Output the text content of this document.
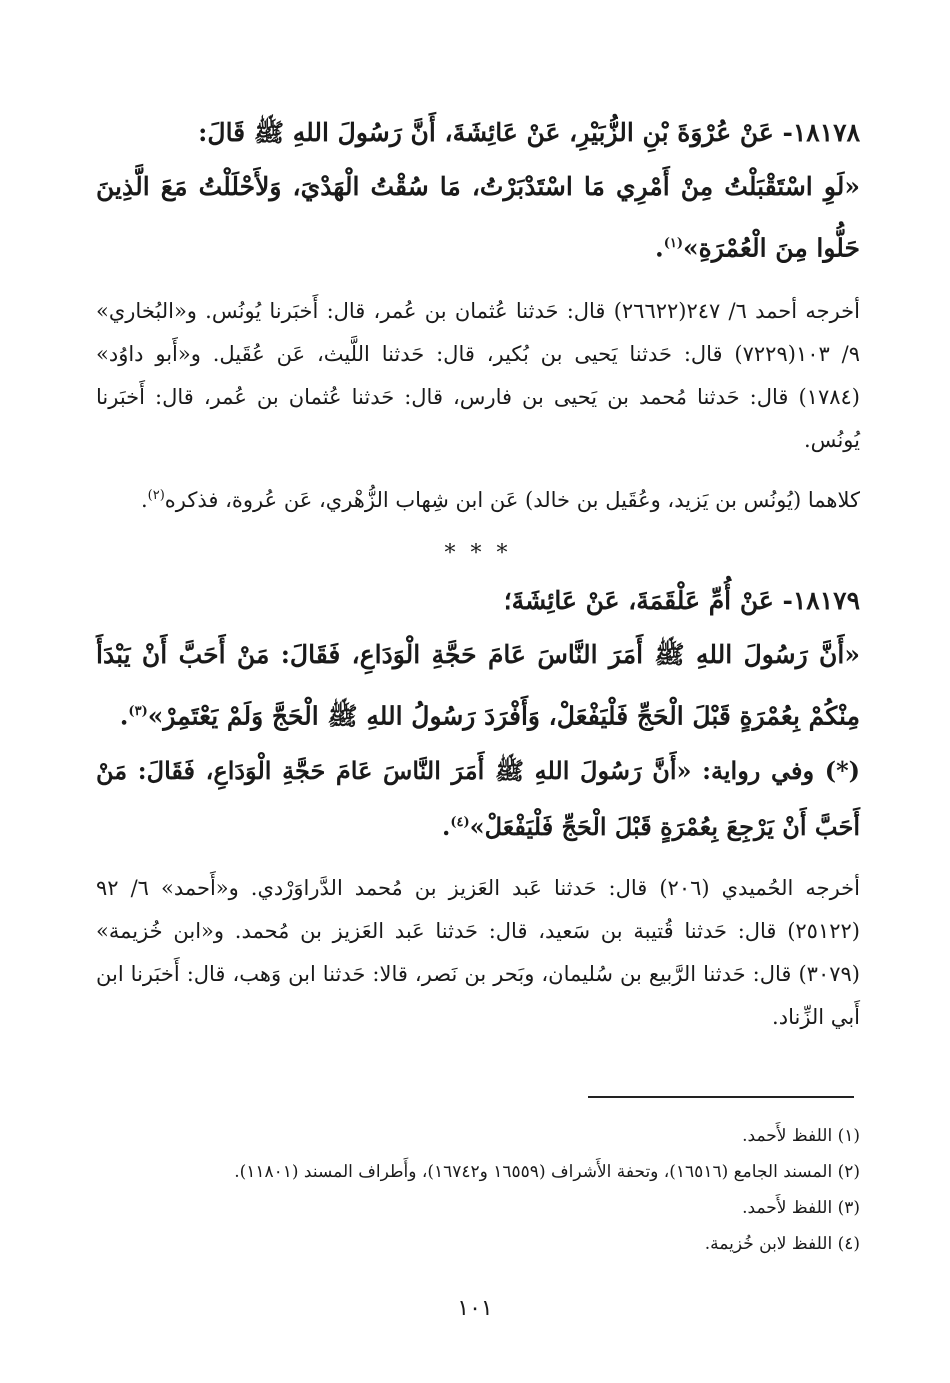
١٨١٧٨- عَنْ عُرْوَةَ بْنِ الزُّبَيْرِ، عَنْ عَائِشَةَ، أَنَّ رَسُولَ اللهِ ﷺ قَالَ:

«لَوِ اسْتَقْبَلْتُ مِنْ أَمْرِي مَا اسْتَدْبَرْتُ، مَا سُقْتُ الْهَدْيَ، وَلأَحْلَلْتُ مَعَ الَّذِينَ حَلُّوا مِنَ الْعُمْرَةِ»$^{(١)}$.

أخرجه أحمد ٦/ ٢٤٧(٢٦٦٢٢) قال: حَدثنا عُثمان بن عُمر، قال: أَخبَرنا يُونُس. و«البُخاري» ٩/ ١٠٣(٧٢٢٩) قال: حَدثنا يَحيى بن بُكير، قال: حَدثنا اللَّيث، عَن عُقَيل. و«أَبو داوُد» (١٧٨٤) قال: حَدثنا مُحمد بن يَحيى بن فارس، قال: حَدثنا عُثمان بن عُمر، قال: أَخبَرنا يُونُس.

كلاهما (يُونُس بن يَزيد، وعُقَيل بن خالد) عَن ابن شِهاب الزُّهْري، عَن عُروة، فذكره$^{(٢)}$.

* * *

١٨١٧٩- عَنْ أُمِّ عَلْقَمَةَ، عَنْ عَائِشَةَ؛

«أَنَّ رَسُولَ اللهِ ﷺ أَمَرَ النَّاسَ عَامَ حَجَّةِ الْوَدَاعِ، فَقَالَ: مَنْ أَحَبَّ أَنْ يَبْدَأَ مِنْكُمْ بِعُمْرَةٍ قَبْلَ الْحَجِّ فَلْيَفْعَلْ، وَأَفْرَدَ رَسُولُ اللهِ ﷺ الْحَجَّ وَلَمْ يَعْتَمِرْ»$^{(٣)}$.

(*) وفي رواية: «أَنَّ رَسُولَ اللهِ ﷺ أَمَرَ النَّاسَ عَامَ حَجَّةِ الْوَدَاعِ، فَقَالَ: مَنْ أَحَبَّ أَنْ يَرْجِعَ بِعُمْرَةٍ قَبْلَ الْحَجِّ فَلْيَفْعَلْ»$^{(٤)}$.

أخرجه الحُميدي (٢٠٦) قال: حَدثنا عَبد العَزيز بن مُحمد الدَّراوَرْدي. و«أَحمد» ٦/ ٩٢ (٢٥١٢٢) قال: حَدثنا قُتيبة بن سَعيد، قال: حَدثنا عَبد العَزيز بن مُحمد. و«ابن خُزيمة» (٣٠٧٩) قال: حَدثنا الرَّبيع بن سُليمان، وبَحر بن نَصر، قالا: حَدثنا ابن وَهب، قال: أَخبَرنا ابن أَبي الزِّناد.

(١) اللفظ لأَحمد.
(٢) المسند الجامع (١٦٥١٦)، وتحفة الأَشراف (١٦٥٥٩ و١٦٧٤٢)، وأَطراف المسند (١١٨٠١).
(٣) اللفظ لأَحمد.
(٤) اللفظ لابن خُزيمة.
١٠١
